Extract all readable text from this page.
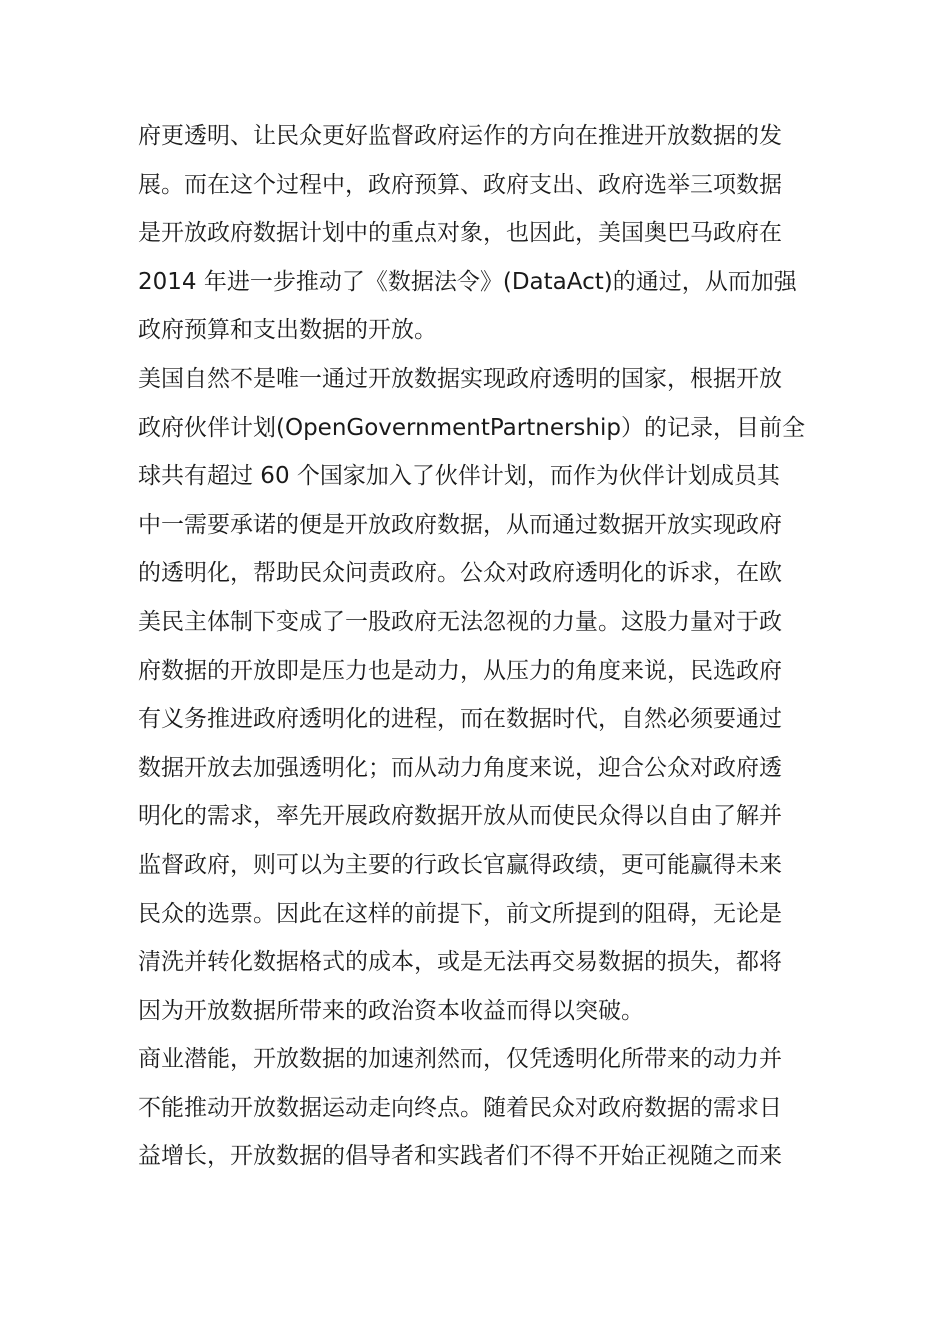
府更透明、让民众更好监督政府运作的方向在推进开放数据的发
展。而在这个过程中，政府预算、政府支出、政府选举三项数据
是开放政府数据计划中的重点对象，也因此，美国奥巴马政府在
2014 年进一步推动了《数据法令》(DataAct)的通过，从而加强
政府预算和支出数据的开放。
美国自然不是唯一通过开放数据实现政府透明的国家，根据开放
政府伙伴计划(OpenGovernmentPartnership）的记录，目前全
球共有超过 60 个国家加入了伙伴计划，而作为伙伴计划成员其
中一需要承诺的便是开放政府数据，从而通过数据开放实现政府
的透明化，帮助民众问责政府。公众对政府透明化的诉求，在欧
美民主体制下变成了一股政府无法忽视的力量。这股力量对于政
府数据的开放即是压力也是动力，从压力的角度来说，民选政府
有义务推进政府透明化的进程，而在数据时代，自然必须要通过
数据开放去加强透明化；而从动力角度来说，迎合公众对政府透
明化的需求，率先开展政府数据开放从而使民众得以自由了解并
监督政府，则可以为主要的行政长官赢得政绩，更可能赢得未来
民众的选票。因此在这样的前提下，前文所提到的阻碍，无论是
清洗并转化数据格式的成本，或是无法再交易数据的损失，都将
因为开放数据所带来的政治资本收益而得以突破。
商业潜能，开放数据的加速剂然而，仅凭透明化所带来的动力并
不能推动开放数据运动走向终点。随着民众对政府数据的需求日
益增长，开放数据的倡导者和实践者们不得不开始正视随之而来
